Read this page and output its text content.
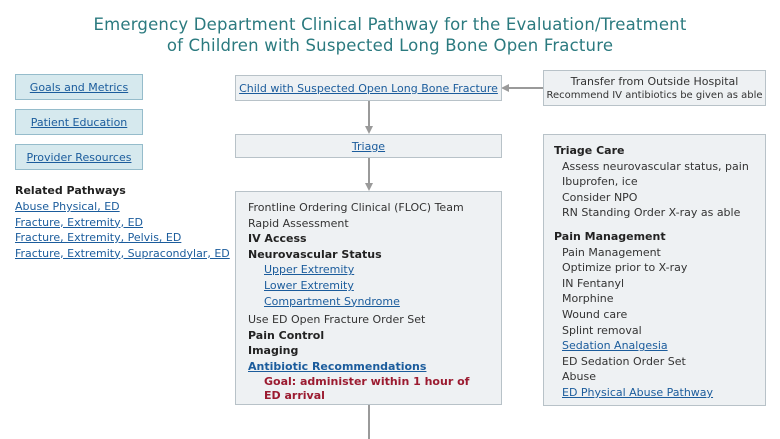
Emergency Department Clinical Pathway for the Evaluation/Treatment
of Children with Suspected Long Bone Open Fracture
Goals and Metrics
Patient Education
Provider Resources
Related Pathways
Abuse Physical, ED
Fracture, Extremity, ED
Fracture, Extremity, Pelvis, ED
Fracture, Extremity, Supracondylar, ED
Child with Suspected Open Long Bone Fracture	Transfer from Outside Hospital
Recommend IV antibiotics be given as able
Triage
Frontline Ordering Clinical (FLOC) Team
Rapid Assessment
IV Access
Neurovascular Status
Upper Extremity
Lower Extremity
Compartment Syndrome
Use ED Open Fracture Order Set
Pain Control
Imaging
Antibiotic Recommendations
Goal: administer within 1 hour of
ED arrival
Triage Care
Assess neurovascular status, pain
Ibuprofen, ice
Consider NPO
RN Standing Order X-ray as able
Pain Management
Pain Management
Optimize prior to X-ray
IN Fentanyl
Morphine
Wound care
Splint removal
Sedation Analgesia
ED Sedation Order Set
Abuse
ED Physical Abuse Pathway
